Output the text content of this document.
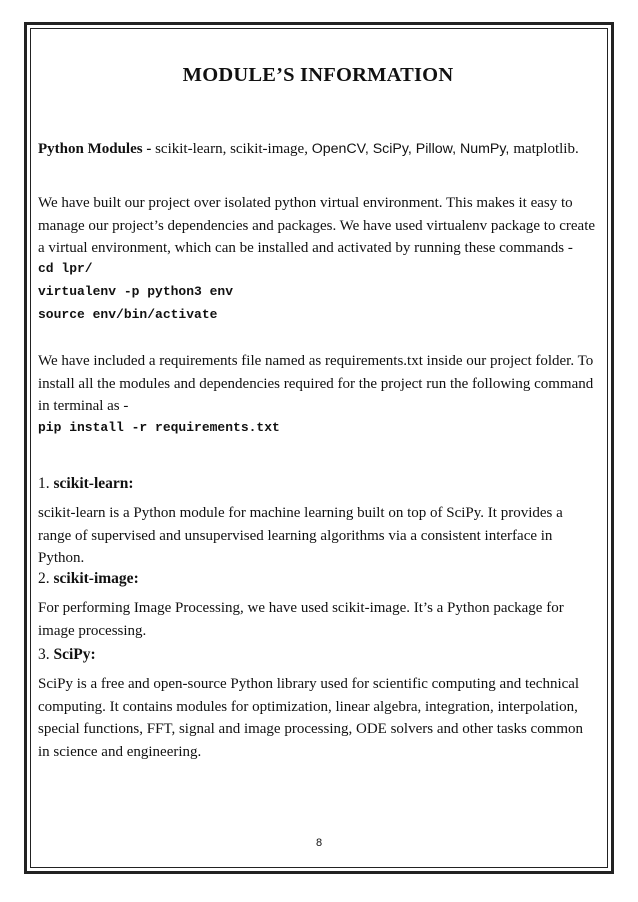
MODULE’S INFORMATION
Python Modules - scikit-learn, scikit-image, OpenCV, SciPy, Pillow, NumPy, matplotlib.
We have built our project over isolated python virtual environment. This makes it easy to
manage our project’s dependencies and packages. We have used virtualenv package to create
a virtual environment, which can be installed and activated by running these commands -
cd lpr/
virtualenv -p python3 env
source env/bin/activate
We have included a requirements file named as requirements.txt inside our project folder. To
install all the modules and dependencies required for the project run the following command
in terminal as -
pip install -r requirements.txt
1. scikit-learn:
scikit-learn is a Python module for machine learning built on top of SciPy. It provides a
range of supervised and unsupervised learning algorithms via a consistent interface in
Python.
2. scikit-image:
For performing Image Processing, we have used scikit-image. It’s a Python package for
image processing.
3. SciPy:
SciPy is a free and open-source Python library used for scientific computing and technical
computing. It contains modules for optimization, linear algebra, integration, interpolation,
special functions, FFT, signal and image processing, ODE solvers and other tasks common
in science and engineering.
8
